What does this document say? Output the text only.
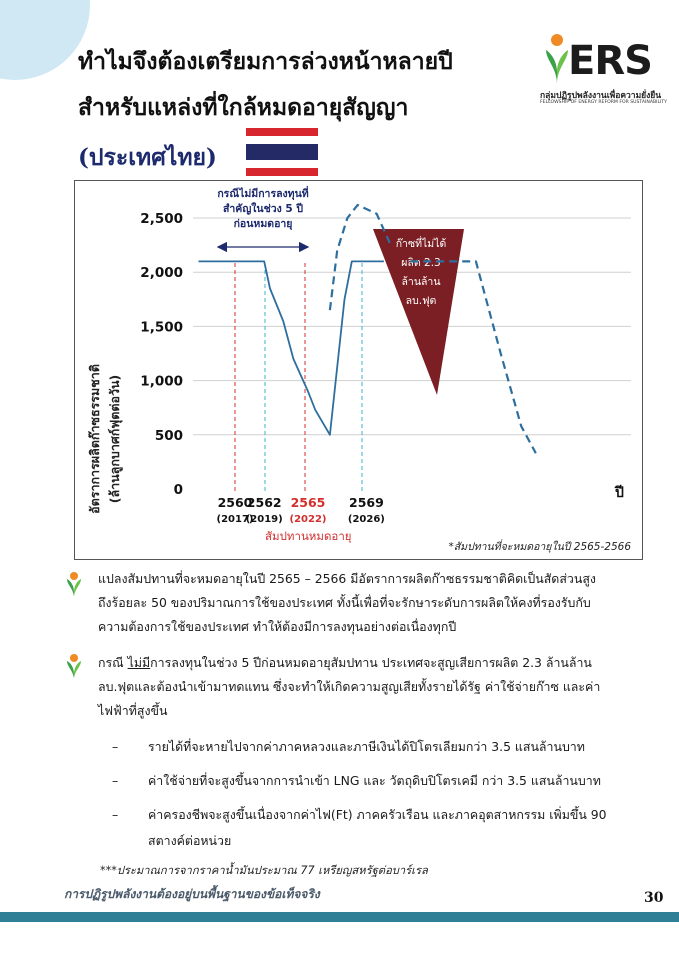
ทำไมจึงต้องเตรียมการล่วงหน้าหลายปี
สำหรับแหล่งที่ใกล้หมดอายุสัญญา
(ประเทศไทย)
ERS
กลุ่มปฏิรูปพลังงานเพื่อความยั่งยืน
FELLOWSHIP OF ENERGY REFORM FOR SUSTAINABILITY
อัตราการผลิตก๊าซธรรมชาติ (ล้านลูกบาศก์ฟุตต่อวัน)
2,500
2,000
1,500
1,000
500
0
ก๊าซที่ไม่ได้
ผลิต 2.3
ล้านล้าน
ลบ.ฟุต
กรณีไม่มีการลงทุนที่
สำคัญในช่วง 5 ปี
ก่อนหมดอายุ
2560
(2017)
2562
(2019)
2565
(2022)
2569
(2026)
ปี
สัมปทานหมดอายุ
*สัมปทานที่จะหมดอายุในปี 2565-2566
แปลงสัมปทานที่จะหมดอายุในปี 2565 – 2566 มีอัตราการผลิตก๊าซธรรมชาติคิดเป็นสัดส่วนสูง
ถึงร้อยละ 50 ของปริมาณการใช้ของประเทศ ทั้งนี้เพื่อที่จะรักษาระดับการผลิตให้คงที่รองรับกับ
ความต้องการใช้ของประเทศ ทำให้ต้องมีการลงทุนอย่างต่อเนื่องทุกปี
กรณี ไม่มีการลงทุนในช่วง 5 ปีก่อนหมดอายุสัมปทาน ประเทศจะสูญเสียการผลิต 2.3 ล้านล้าน
ลบ.ฟุตและต้องนำเข้ามาทดแทน ซึ่งจะทำให้เกิดความสูญเสียทั้งรายได้รัฐ ค่าใช้จ่ายก๊าซ และค่า
ไฟฟ้าที่สูงขึ้น
– รายได้ที่จะหายไปจากค่าภาคหลวงและภาษีเงินได้ปิโตรเลียมกว่า 3.5 แสนล้านบาท
– ค่าใช้จ่ายที่จะสูงขึ้นจากการนำเข้า LNG และ วัตถุดิบปิโตรเคมี กว่า 3.5 แสนล้านบาท
– ค่าครองชีพจะสูงขึ้นเนื่องจากค่าไฟ(Ft) ภาคครัวเรือน และภาคอุตสาหกรรม เพิ่มขึ้น 90
สตางค์ต่อหน่วย
***ประมาณการจากราคาน้ำมันประมาณ 77 เหรียญสหรัฐต่อบาร์เรล
การปฏิรูปพลังงานต้องอยู่บนพื้นฐานของข้อเท็จจริง	30
